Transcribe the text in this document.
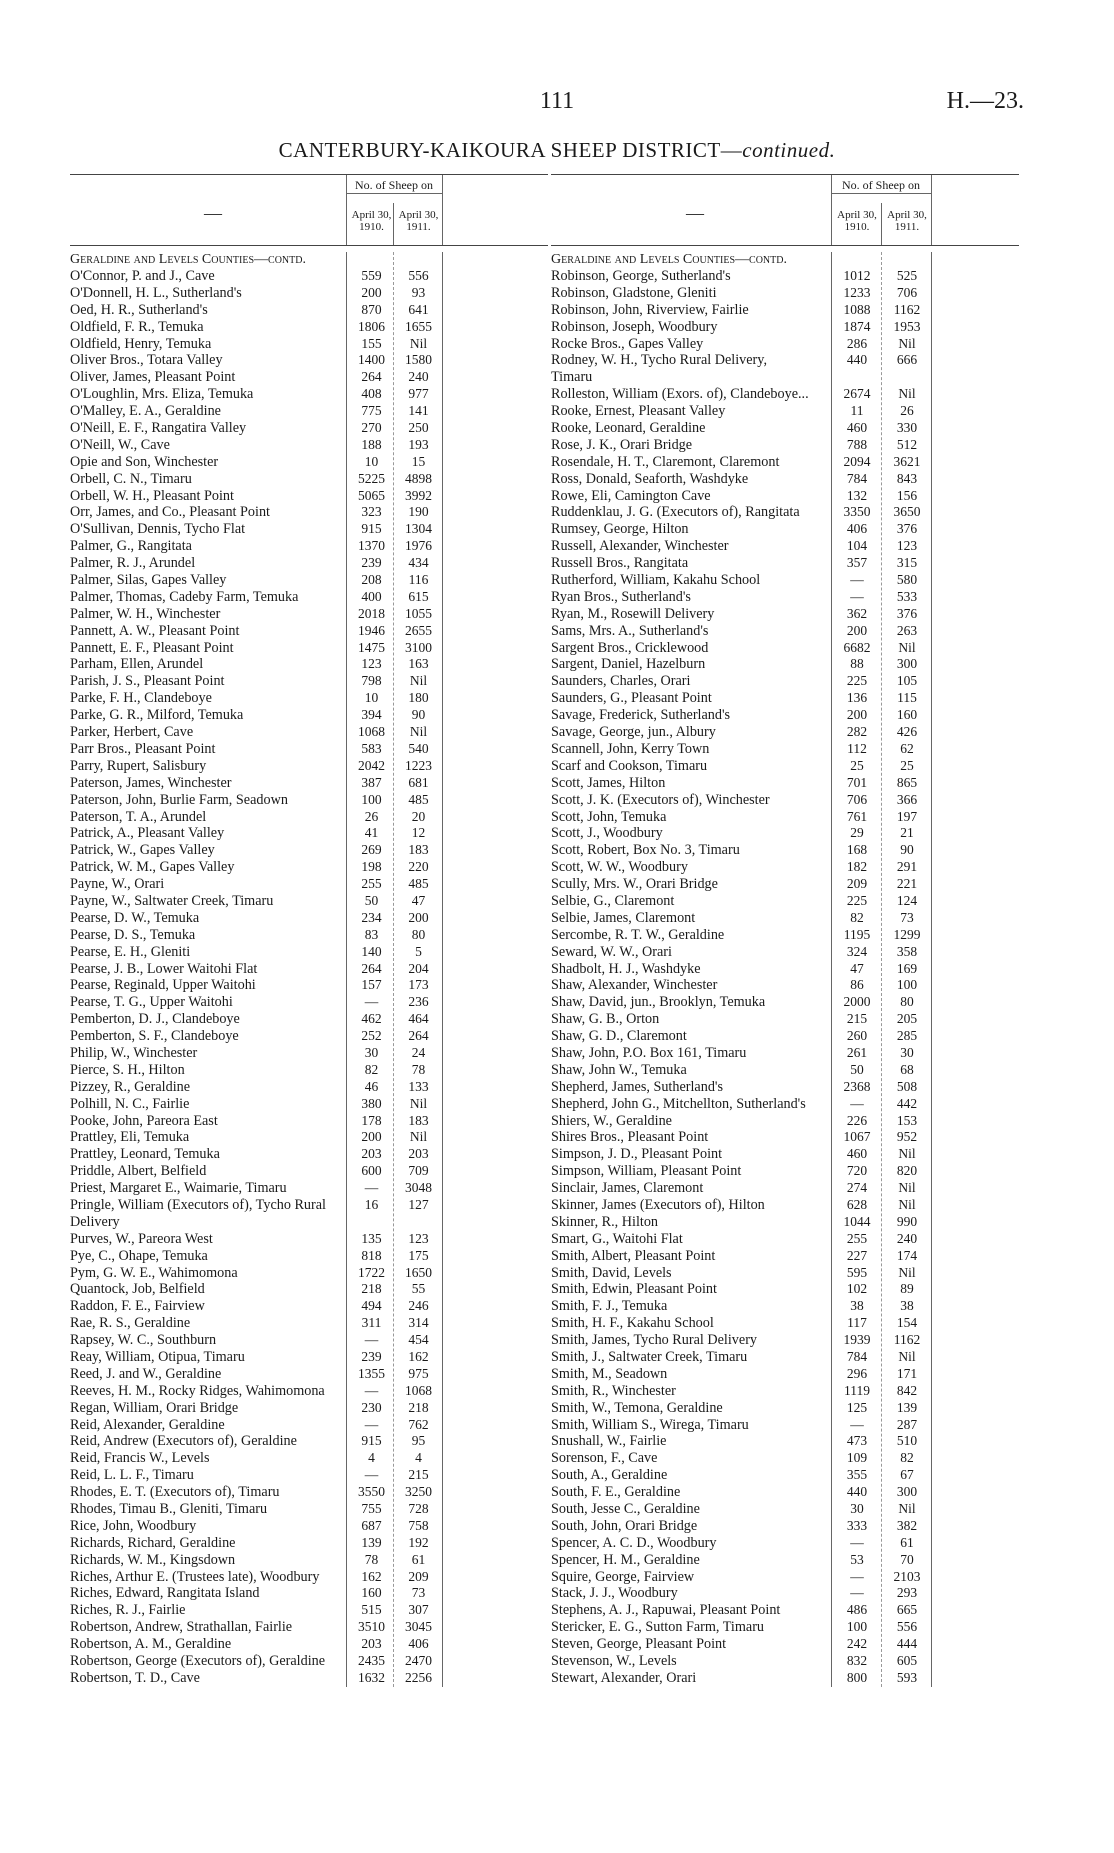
111	H.—23.
CANTERBURY-KAIKOURA SHEEP DISTRICT—continued.
—
No. of Sheep on
April 30,
1910.
April 30,
1911.
Geraldine and Levels Counties—contd.
O'Connor, P. and J., Cave	559	556
O'Donnell, H. L., Sutherland's	200	93
Oed, H. R., Sutherland's	870	641
Oldfield, F. R., Temuka	1806	1655
Oldfield, Henry, Temuka	155	Nil
Oliver Bros., Totara Valley	1400	1580
Oliver, James, Pleasant Point	264	240
O'Loughlin, Mrs. Eliza, Temuka	408	977
O'Malley, E. A., Geraldine	775	141
O'Neill, E. F., Rangatira Valley	270	250
O'Neill, W., Cave	188	193
Opie and Son, Winchester	10	15
Orbell, C. N., Timaru	5225	4898
Orbell, W. H., Pleasant Point	5065	3992
Orr, James, and Co., Pleasant Point	323	190
O'Sullivan, Dennis, Tycho Flat	915	1304
Palmer, G., Rangitata	1370	1976
Palmer, R. J., Arundel	239	434
Palmer, Silas, Gapes Valley	208	116
Palmer, Thomas, Cadeby Farm, Temuka	400	615
Palmer, W. H., Winchester	2018	1055
Pannett, A. W., Pleasant Point	1946	2655
Pannett, E. F., Pleasant Point	1475	3100
Parham, Ellen, Arundel	123	163
Parish, J. S., Pleasant Point	798	Nil
Parke, F. H., Clandeboye	10	180
Parke, G. R., Milford, Temuka	394	90
Parker, Herbert, Cave	1068	Nil
Parr Bros., Pleasant Point	583	540
Parry, Rupert, Salisbury	2042	1223
Paterson, James, Winchester	387	681
Paterson, John, Burlie Farm, Seadown	100	485
Paterson, T. A., Arundel	26	20
Patrick, A., Pleasant Valley	41	12
Patrick, W., Gapes Valley	269	183
Patrick, W. M., Gapes Valley	198	220
Payne, W., Orari	255	485
Payne, W., Saltwater Creek, Timaru	50	47
Pearse, D. W., Temuka	234	200
Pearse, D. S., Temuka	83	80
Pearse, E. H., Gleniti	140	5
Pearse, J. B., Lower Waitohi Flat	264	204
Pearse, Reginald, Upper Waitohi	157	173
Pearse, T. G., Upper Waitohi	—	236
Pemberton, D. J., Clandeboye	462	464
Pemberton, S. F., Clandeboye	252	264
Philip, W., Winchester	30	24
Pierce, S. H., Hilton	82	78
Pizzey, R., Geraldine	46	133
Polhill, N. C., Fairlie	380	Nil
Pooke, John, Pareora East	178	183
Prattley, Eli, Temuka	200	Nil
Prattley, Leonard, Temuka	203	203
Priddle, Albert, Belfield	600	709
Priest, Margaret E., Waimarie, Timaru	—	3048
Pringle, William (Executors of), Tycho Rural	16	127
Delivery
Purves, W., Pareora West	135	123
Pye, C., Ohape, Temuka	818	175
Pym, G. W. E., Wahimomona	1722	1650
Quantock, Job, Belfield	218	55
Raddon, F. E., Fairview	494	246
Rae, R. S., Geraldine	311	314
Rapsey, W. C., Southburn	—	454
Reay, William, Otipua, Timaru	239	162
Reed, J. and W., Geraldine	1355	975
Reeves, H. M., Rocky Ridges, Wahimomona	—	1068
Regan, William, Orari Bridge	230	218
Reid, Alexander, Geraldine	—	762
Reid, Andrew (Executors of), Geraldine	915	95
Reid, Francis W., Levels	4	4
Reid, L. L. F., Timaru	—	215
Rhodes, E. T. (Executors of), Timaru	3550	3250
Rhodes, Timau B., Gleniti, Timaru	755	728
Rice, John, Woodbury	687	758
Richards, Richard, Geraldine	139	192
Richards, W. M., Kingsdown	78	61
Riches, Arthur E. (Trustees late), Woodbury	162	209
Riches, Edward, Rangitata Island	160	73
Riches, R. J., Fairlie	515	307
Robertson, Andrew, Strathallan, Fairlie	3510	3045
Robertson, A. M., Geraldine	203	406
Robertson, George (Executors of), Geraldine	2435	2470
Robertson, T. D., Cave	1632	2256
—
No. of Sheep on
April 30,
1910.
April 30,
1911.
Geraldine and Levels Counties—contd.
Robinson, George, Sutherland's	1012	525
Robinson, Gladstone, Gleniti	1233	706
Robinson, John, Riverview, Fairlie	1088	1162
Robinson, Joseph, Woodbury	1874	1953
Rocke Bros., Gapes Valley	286	Nil
Rodney, W. H., Tycho Rural Delivery,	440	666
Timaru
Rolleston, William (Exors. of), Clandeboye...	2674	Nil
Rooke, Ernest, Pleasant Valley	11	26
Rooke, Leonard, Geraldine	460	330
Rose, J. K., Orari Bridge	788	512
Rosendale, H. T., Claremont, Claremont	2094	3621
Ross, Donald, Seaforth, Washdyke	784	843
Rowe, Eli, Camington Cave	132	156
Ruddenklau, J. G. (Executors of), Rangitata	3350	3650
Rumsey, George, Hilton	406	376
Russell, Alexander, Winchester	104	123
Russell Bros., Rangitata	357	315
Rutherford, William, Kakahu School	—	580
Ryan Bros., Sutherland's	—	533
Ryan, M., Rosewill Delivery	362	376
Sams, Mrs. A., Sutherland's	200	263
Sargent Bros., Cricklewood	6682	Nil
Sargent, Daniel, Hazelburn	88	300
Saunders, Charles, Orari	225	105
Saunders, G., Pleasant Point	136	115
Savage, Frederick, Sutherland's	200	160
Savage, George, jun., Albury	282	426
Scannell, John, Kerry Town	112	62
Scarf and Cookson, Timaru	25	25
Scott, James, Hilton	701	865
Scott, J. K. (Executors of), Winchester	706	366
Scott, John, Temuka	761	197
Scott, J., Woodbury	29	21
Scott, Robert, Box No. 3, Timaru	168	90
Scott, W. W., Woodbury	182	291
Scully, Mrs. W., Orari Bridge	209	221
Selbie, G., Claremont	225	124
Selbie, James, Claremont	82	73
Sercombe, R. T. W., Geraldine	1195	1299
Seward, W. W., Orari	324	358
Shadbolt, H. J., Washdyke	47	169
Shaw, Alexander, Winchester	86	100
Shaw, David, jun., Brooklyn, Temuka	2000	80
Shaw, G. B., Orton	215	205
Shaw, G. D., Claremont	260	285
Shaw, John, P.O. Box 161, Timaru	261	30
Shaw, John W., Temuka	50	68
Shepherd, James, Sutherland's	2368	508
Shepherd, John G., Mitchellton, Sutherland's	—	442
Shiers, W., Geraldine	226	153
Shires Bros., Pleasant Point	1067	952
Simpson, J. D., Pleasant Point	460	Nil
Simpson, William, Pleasant Point	720	820
Sinclair, James, Claremont	274	Nil
Skinner, James (Executors of), Hilton	628	Nil
Skinner, R., Hilton	1044	990
Smart, G., Waitohi Flat	255	240
Smith, Albert, Pleasant Point	227	174
Smith, David, Levels	595	Nil
Smith, Edwin, Pleasant Point	102	89
Smith, F. J., Temuka	38	38
Smith, H. F., Kakahu School	117	154
Smith, James, Tycho Rural Delivery	1939	1162
Smith, J., Saltwater Creek, Timaru	784	Nil
Smith, M., Seadown	296	171
Smith, R., Winchester	1119	842
Smith, W., Temona, Geraldine	125	139
Smith, William S., Wirega, Timaru	—	287
Snushall, W., Fairlie	473	510
Sorenson, F., Cave	109	82
South, A., Geraldine	355	67
South, F. E., Geraldine	440	300
South, Jesse C., Geraldine	30	Nil
South, John, Orari Bridge	333	382
Spencer, A. C. D., Woodbury	—	61
Spencer, H. M., Geraldine	53	70
Squire, George, Fairview	—	2103
Stack, J. J., Woodbury	—	293
Stephens, A. J., Rapuwai, Pleasant Point	486	665
Stericker, E. G., Sutton Farm, Timaru	100	556
Steven, George, Pleasant Point	242	444
Stevenson, W., Levels	832	605
Stewart, Alexander, Orari	800	593
